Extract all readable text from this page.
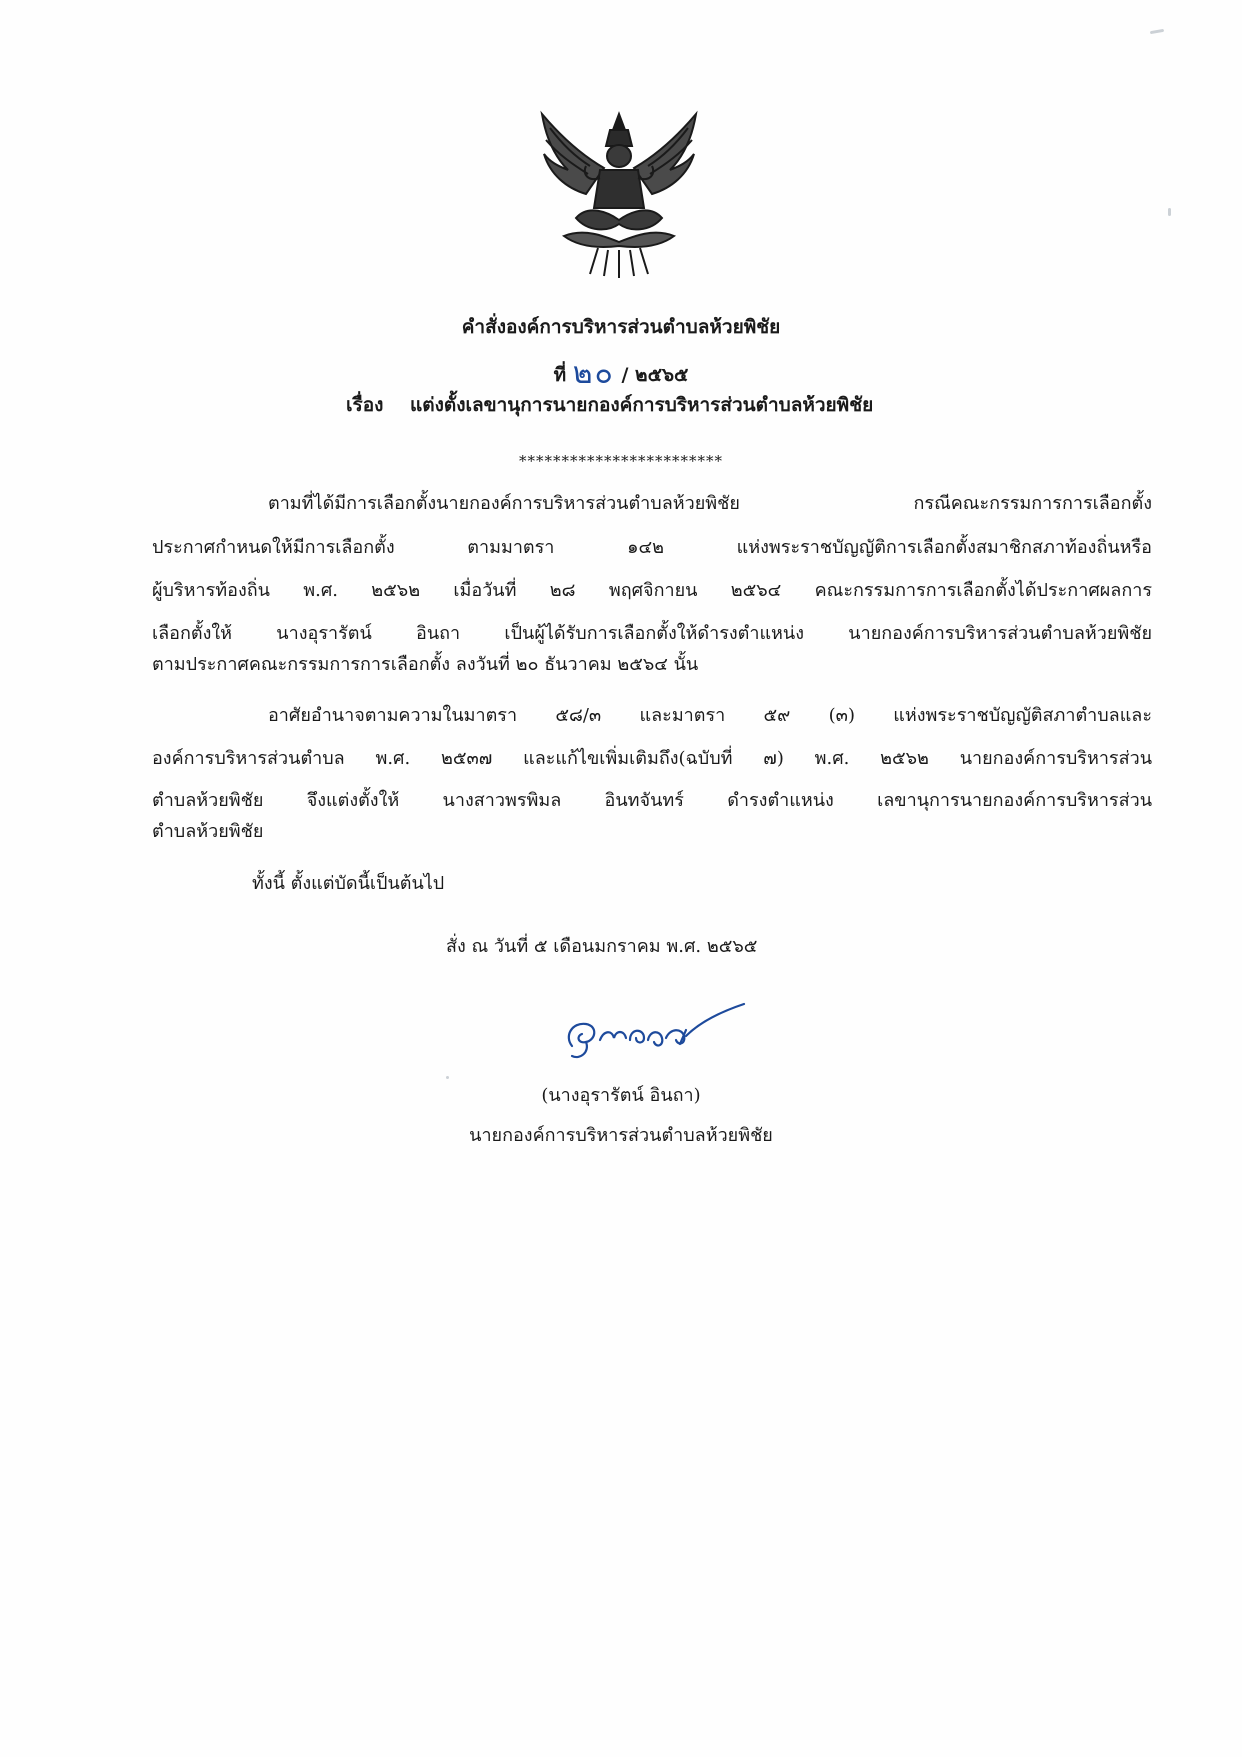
คำสั่งองค์การบริหารส่วนตำบลห้วยพิชัย
ที่ ๒๐ / ๒๕๖๕
เรื่อง แต่งตั้งเลขานุการนายกองค์การบริหารส่วนตำบลห้วยพิชัย
************************
ตามที่ได้มีการเลือกตั้งนายกองค์การบริหารส่วนตำบลห้วยพิชัย กรณีคณะกรรมการการเลือกตั้ง
ประกาศกำหนดให้มีการเลือกตั้ง ตามมาตรา ๑๔๒ แห่งพระราชบัญญัติการเลือกตั้งสมาชิกสภาท้องถิ่นหรือ
ผู้บริหารท้องถิ่น พ.ศ. ๒๕๖๒ เมื่อวันที่ ๒๘ พฤศจิกายน ๒๕๖๔ คณะกรรมการการเลือกตั้งได้ประกาศผลการ
เลือกตั้งให้ นางอุรารัตน์ อินถา เป็นผู้ได้รับการเลือกตั้งให้ดำรงตำแหน่ง นายกองค์การบริหารส่วนตำบลห้วยพิชัย
ตามประกาศคณะกรรมการการเลือกตั้ง ลงวันที่ ๒๐ ธันวาคม ๒๕๖๔ นั้น
อาศัยอำนาจตามความในมาตรา ๕๘/๓ และมาตรา ๕๙ (๓) แห่งพระราชบัญญัติสภาตำบลและ
องค์การบริหารส่วนตำบล พ.ศ. ๒๕๓๗ และแก้ไขเพิ่มเติมถึง(ฉบับที่ ๗) พ.ศ. ๒๕๖๒ นายกองค์การบริหารส่วน
ตำบลห้วยพิชัย จึงแต่งตั้งให้ นางสาวพรพิมล อินทจันทร์ ดำรงตำแหน่ง เลขานุการนายกองค์การบริหารส่วน
ตำบลห้วยพิชัย
ทั้งนี้ ตั้งแต่บัดนี้เป็นต้นไป
สั่ง ณ วันที่ ๕ เดือนมกราคม พ.ศ. ๒๕๖๕
(นางอุรารัตน์ อินถา)
นายกองค์การบริหารส่วนตำบลห้วยพิชัย
